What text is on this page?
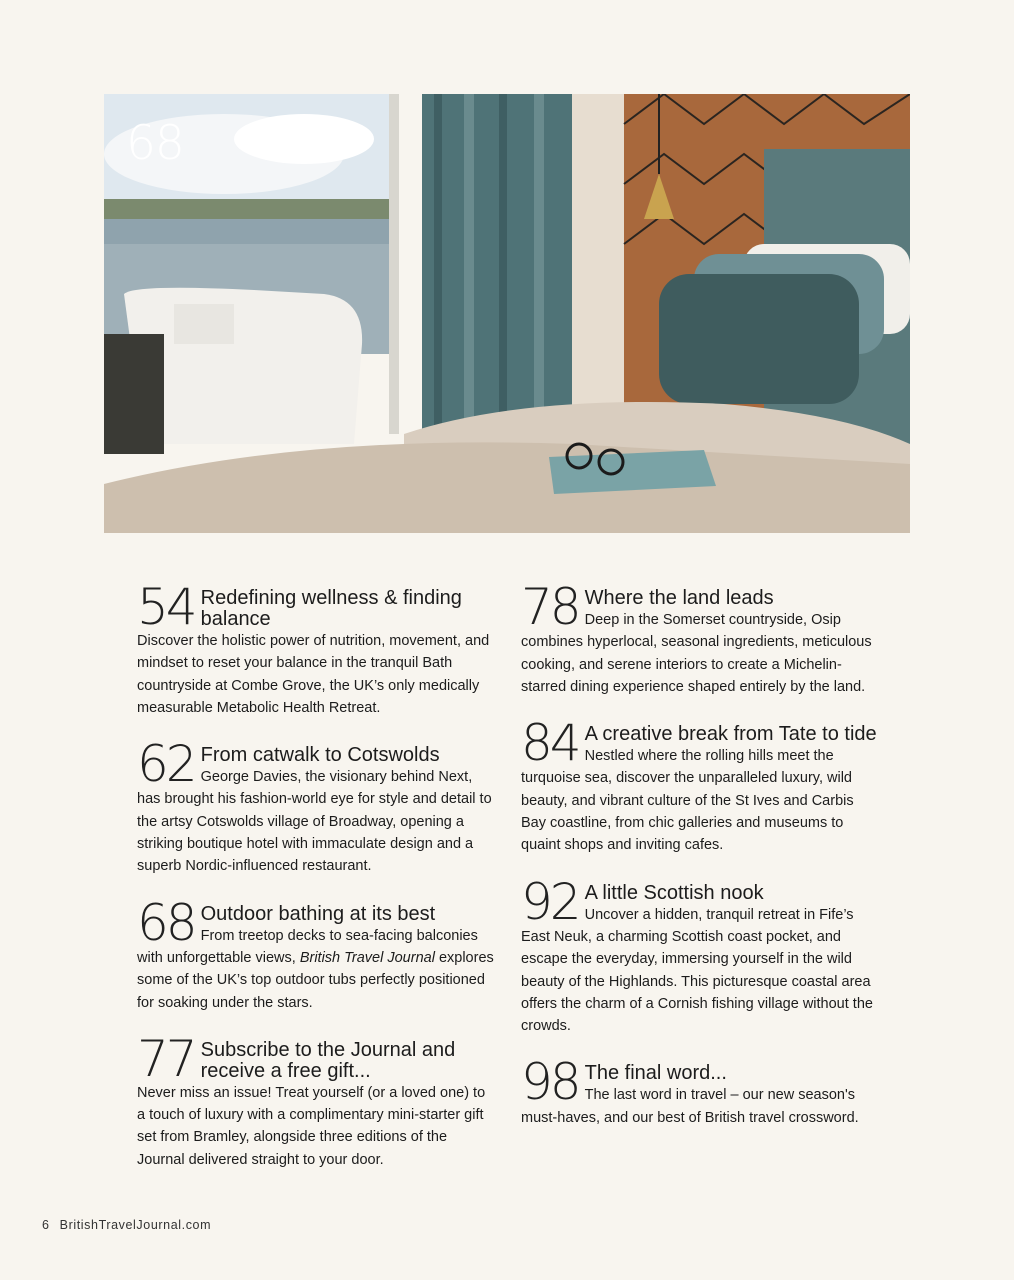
68
54 Redefining wellness & finding balance
Discover the holistic power of nutrition, movement, and mindset to reset your balance in the tranquil Bath countryside at Combe Grove, the UK’s only medically measurable Metabolic Health Retreat.
62 From catwalk to Cotswolds
George Davies, the visionary behind Next, has brought his fashion-world eye for style and detail to the artsy Cotswolds village of Broadway, opening a striking boutique hotel with immaculate design and a superb Nordic-influenced restaurant.
68 Outdoor bathing at its best
From treetop decks to sea-facing balconies with unforgettable views, British Travel Journal explores some of the UK’s top outdoor tubs perfectly positioned for soaking under the stars.
77 Subscribe to the Journal and receive a free gift...
Never miss an issue! Treat yourself (or a loved one) to a touch of luxury with a complimentary mini-starter gift set from Bramley, alongside three editions of the Journal delivered straight to your door.
78 Where the land leads
Deep in the Somerset countryside, Osip combines hyperlocal, seasonal ingredients, meticulous cooking, and serene interiors to create a Michelin-starred dining experience shaped entirely by the land.
84 A creative break from Tate to tide
Nestled where the rolling hills meet the turquoise sea, discover the unparalleled luxury, wild beauty, and vibrant culture of the St Ives and Carbis Bay coastline, from chic galleries and museums to quaint shops and inviting cafes.
92 A little Scottish nook
Uncover a hidden, tranquil retreat in Fife’s East Neuk, a charming Scottish coast pocket, and escape the everyday, immersing yourself in the wild beauty of the Highlands. This picturesque coastal area offers the charm of a Cornish fishing village without the crowds.
98 The final word...
The last word in travel – our new season's must-haves, and our best of British travel crossword.
6 BritishTravelJournal.com
